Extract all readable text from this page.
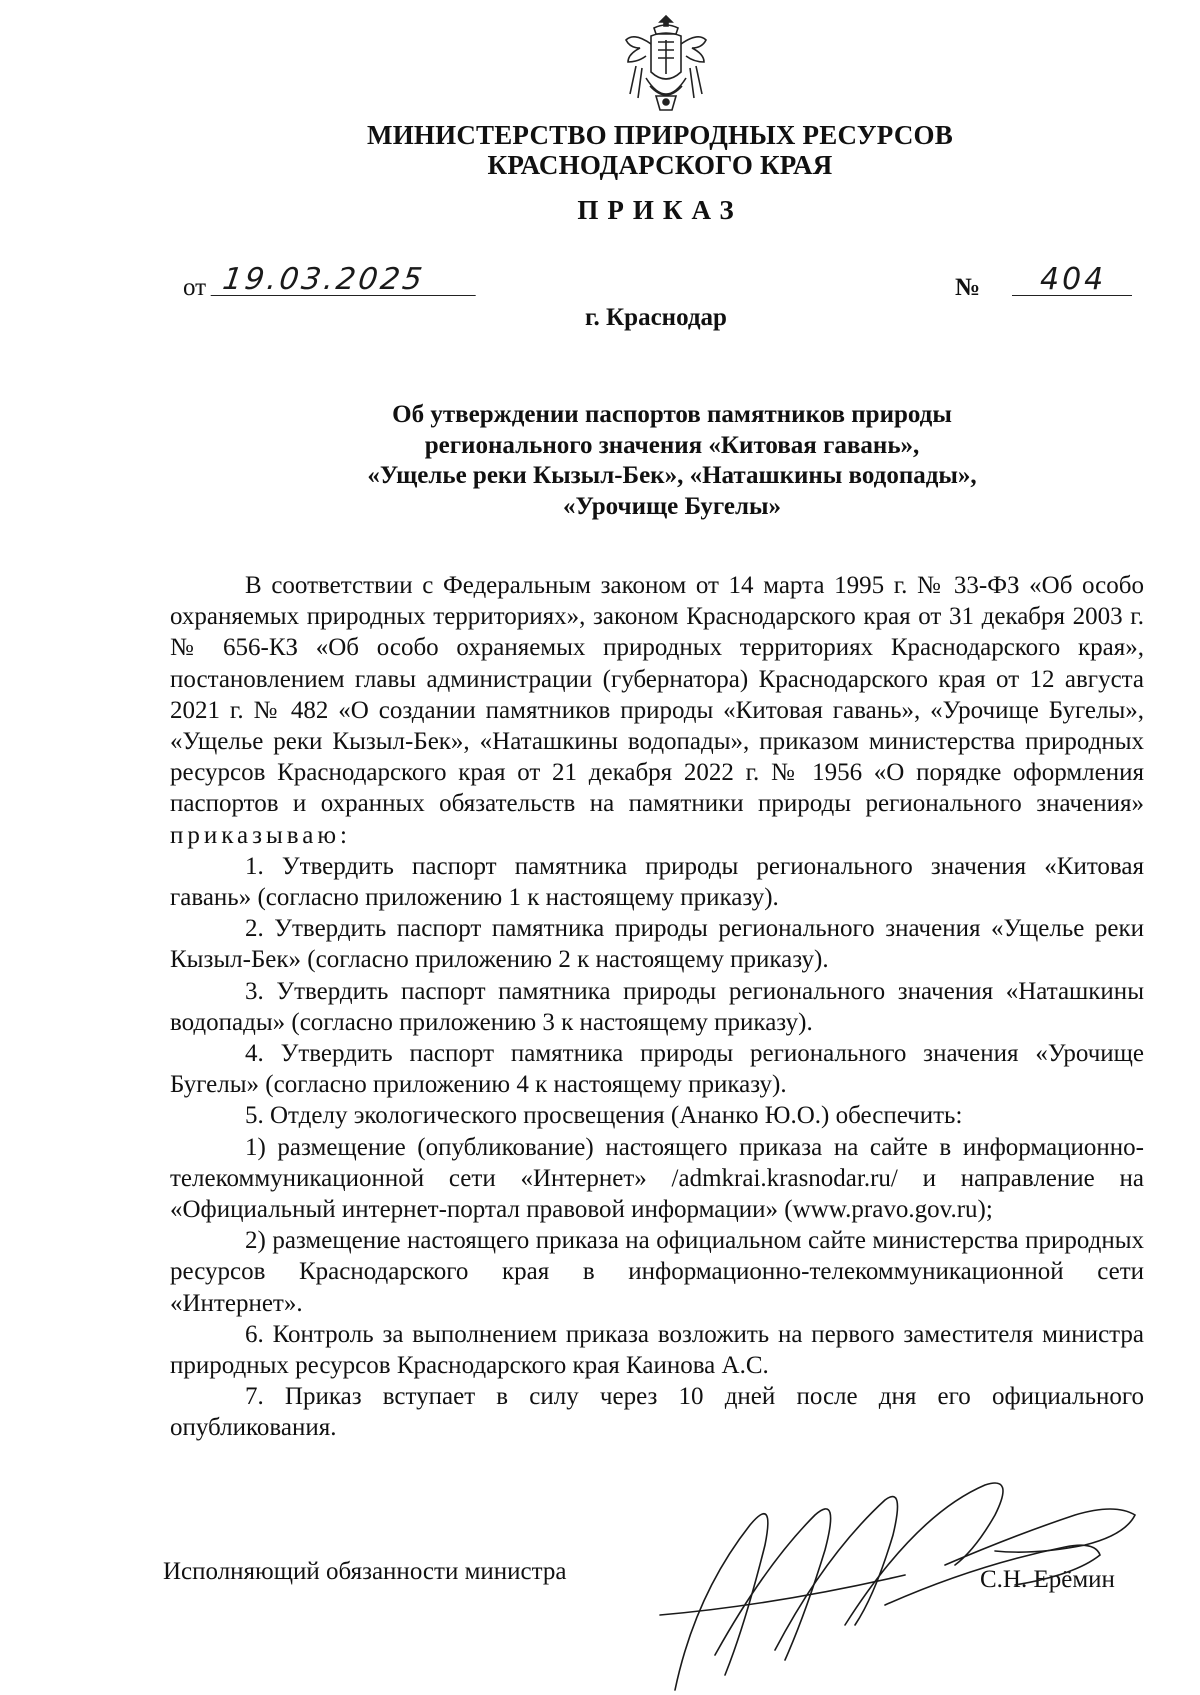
МИНИСТЕРСТВО ПРИРОДНЫХ РЕСУРСОВ
КРАСНОДАРСКОГО КРАЯ
ПРИКАЗ
от 19.03.2025	№	404
г. Краснодар
Об утверждении паспортов памятников природы
регионального значения «Китовая гавань»,
«Ущелье реки Кызыл-Бек», «Наташкины водопады»,
«Урочище Бугелы»

В соответствии с Федеральным законом от 14 марта 1995 г. № 33-ФЗ «Об особо охраняемых природных территориях», законом Краснодарского края от 31 декабря 2003 г. № 656-КЗ «Об особо охраняемых природных территориях Краснодарского края», постановлением главы администрации (губернатора) Краснодарского края от 12 августа 2021 г. № 482 «О создании памятников природы «Китовая гавань», «Урочище Бугелы», «Ущелье реки Кызыл-Бек», «Наташкины водопады», приказом министерства природных ресурсов Краснодарского края от 21 декабря 2022 г. № 1956 «О порядке оформления паспортов и охранных обязательств на памятники природы регионального значения» приказываю:

1. Утвердить паспорт памятника природы регионального значения «Китовая гавань» (согласно приложению 1 к настоящему приказу).

2. Утвердить паспорт памятника природы регионального значения «Ущелье реки Кызыл-Бек» (согласно приложению 2 к настоящему приказу).

3. Утвердить паспорт памятника природы регионального значения «Наташкины водопады» (согласно приложению 3 к настоящему приказу).

4. Утвердить паспорт памятника природы регионального значения «Урочище Бугелы» (согласно приложению 4 к настоящему приказу).

5. Отделу экологического просвещения (Ананко Ю.О.) обеспечить:

1) размещение (опубликование) настоящего приказа на сайте в информационно-телекоммуникационной сети «Интернет» /admkrai.krasnodar.ru/ и направление на «Официальный интернет-портал правовой информации» (www.pravo.gov.ru);

2) размещение настоящего приказа на официальном сайте министерства природных ресурсов Краснодарского края в информационно-телекоммуникационной сети «Интернет».

6. Контроль за выполнением приказа возложить на первого заместителя министра природных ресурсов Краснодарского края Каинова А.С.

7. Приказ вступает в силу через 10 дней после дня его официального опубликования.

Исполняющий обязанности министра	С.Н. Ерёмин
